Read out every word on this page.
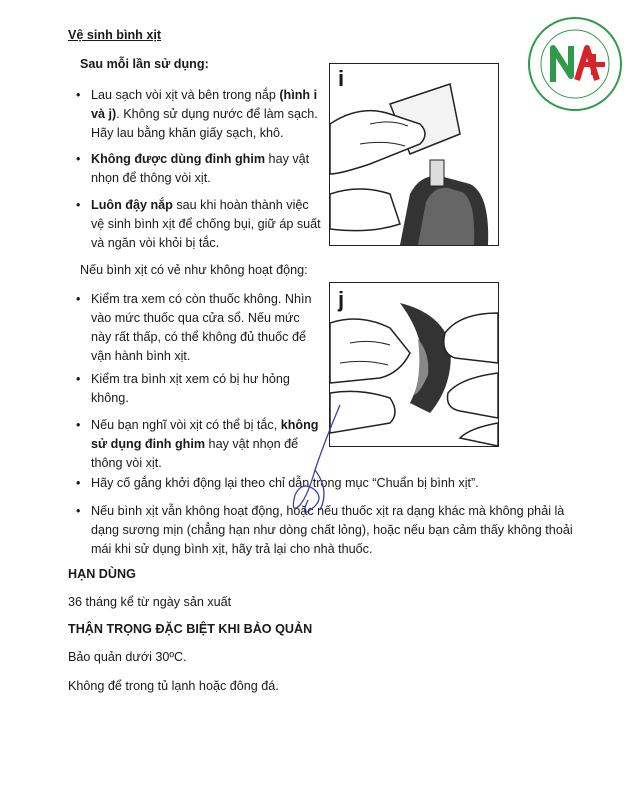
Vệ sinh bình xịt
Sau mỗi lần sử dụng:
• Lau sạch vòi xịt và bên trong nắp (hình i
và j). Không sử dụng nước để làm sạch.
Hãy lau bằng khăn giấy sạch, khô.
• Không được dùng đinh ghim hay vật
nhọn để thông vòi xịt.
• Luôn đậy nắp sau khi hoàn thành việc
vệ sinh bình xịt để chống bụi, giữ áp suất
và ngăn vòi khỏi bị tắc.
i
Nếu bình xịt có vẻ như không hoạt động:
• Kiểm tra xem có còn thuốc không. Nhìn
vào mức thuốc qua cửa sổ. Nếu mức
này rất thấp, có thể không đủ thuốc để
vận hành bình xịt.
• Kiểm tra bình xịt xem có bị hư hỏng
không.
• Nếu bạn nghĩ vòi xịt có thể bị tắc, không
sử dụng đinh ghim hay vật nhọn để
thông vòi xịt.
j
• Hãy cố gắng khởi động lại theo chỉ dẫn trong mục “Chuẩn bị bình xịt”.
• Nếu bình xịt vẫn không hoạt động, hoặc nếu thuốc xịt ra dạng khác mà không phải là
dạng sương mịn (chẳng hạn như dòng chất lỏng), hoặc nếu bạn cảm thấy không thoải
mái khi sử dụng bình xịt, hãy trả lại cho nhà thuốc.
HẠN DÙNG
36 tháng kể từ ngày sản xuất
THẬN TRỌNG ĐẶC BIỆT KHI BẢO QUẢN
Bảo quản dưới 30ºC.
Không để trong tủ lạnh hoặc đông đá.
